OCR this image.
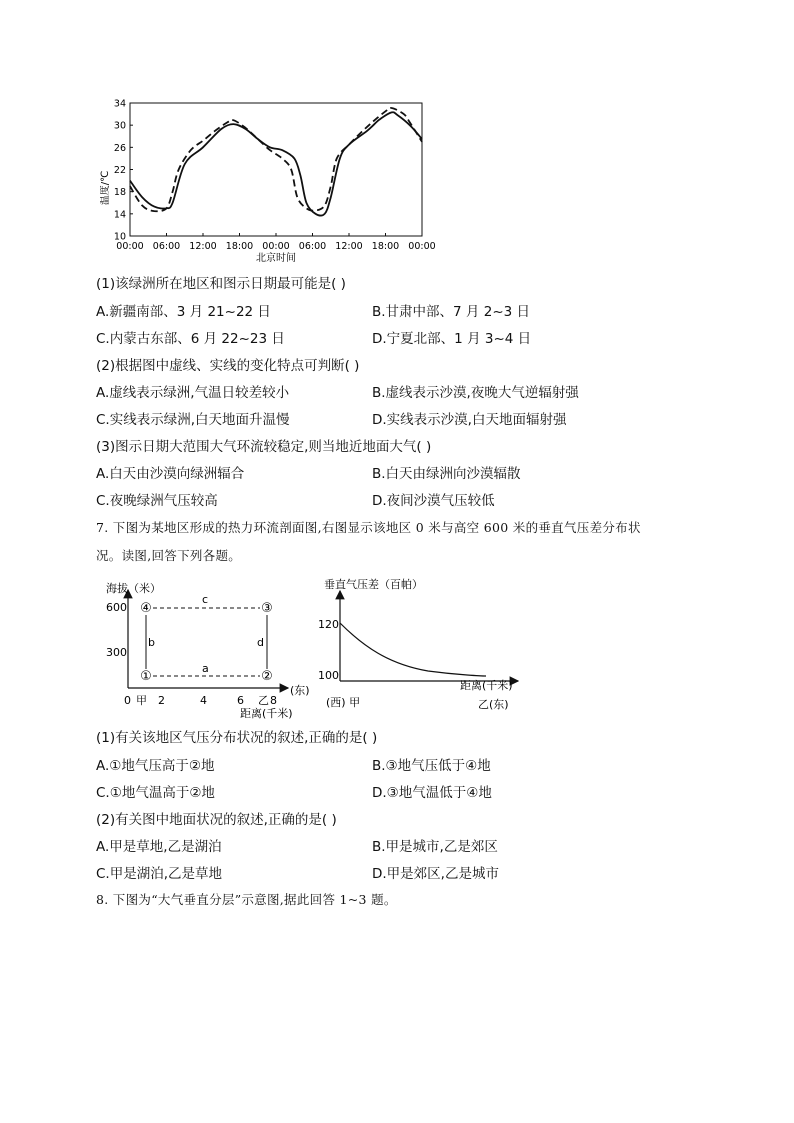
10
14
18
22
26
30
34
00:00 06:00 12:00 18:00 00:00 06:00 12:00 18:00 00:00
温度/℃
北京时间
(1)该绿洲所在地区和图示日期最可能是( )
A.新疆南部、3 月 21~22 日	B.甘肃中部、7 月 2~3 日
C.内蒙古东部、6 月 22~23 日	D.宁夏北部、1 月 3~4 日
(2)根据图中虚线、实线的变化特点可判断( )
A.虚线表示绿洲,气温日较差较小	B.虚线表示沙漠,夜晚大气逆辐射强
C.实线表示绿洲,白天地面升温慢	D.实线表示沙漠,白天地面辐射强
(3)图示日期大范围大气环流较稳定,则当地近地面大气( )
A.白天由沙漠向绿洲辐合	B.白天由绿洲向沙漠辐散
C.夜晚绿洲气压较高	D.夜间沙漠气压较低
7. 下图为某地区形成的热力环流剖面图,右图显示该地区 0 米与高空 600 米的垂直气压差分布状
况。读图,回答下列各题。
海拔（米）
(东)
600
300
0 甲 2	4	6 乙 8
距离(千米)
c
a
b	d
④	③
①	②
垂直气压差（百帕）
120
100
距离(千米)
(西) 甲	乙(东)
(1)有关该地区气压分布状况的叙述,正确的是( )
A.①地气压高于②地	B.③地气压低于④地
C.①地气温高于②地	D.③地气温低于④地
(2)有关图中地面状况的叙述,正确的是( )
A.甲是草地,乙是湖泊	B.甲是城市,乙是郊区
C.甲是湖泊,乙是草地	D.甲是郊区,乙是城市
8. 下图为“大气垂直分层”示意图,据此回答 1~3 题。
